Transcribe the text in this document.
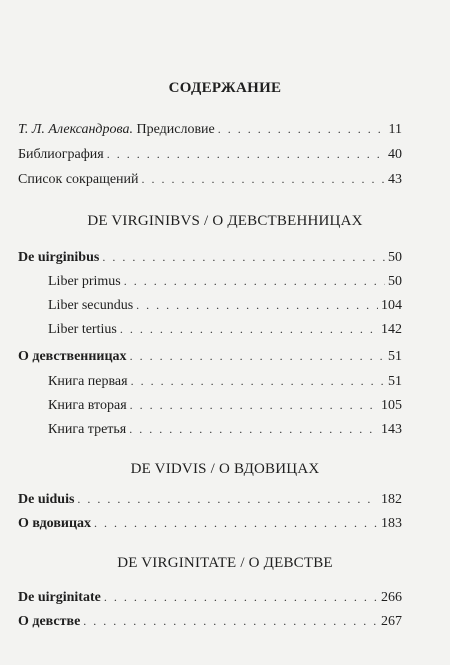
СОДЕРЖАНИЕ
Т. Л. Александрова. Предисловие . . .	11
Библиография . . .	40
Список сокращений . . .	43
DE VIRGINIBVS / О ДЕВСТВЕННИЦАХ
De uirginibus . . .	50
Liber primus . . .	50
Liber secundus . . .	104
Liber tertius . . .	142
О девственницах . . .	51
Книга первая . . .	51
Книга вторая . . .	105
Книга третья . . .	143
DE VIDVIS / О ВДОВИЦАХ
De uiduis . . .	182
О вдовицах . . .	183
DE VIRGINITATE / О ДЕВСТВЕ
De uirginitate . . .	266
О девстве . . .	267
